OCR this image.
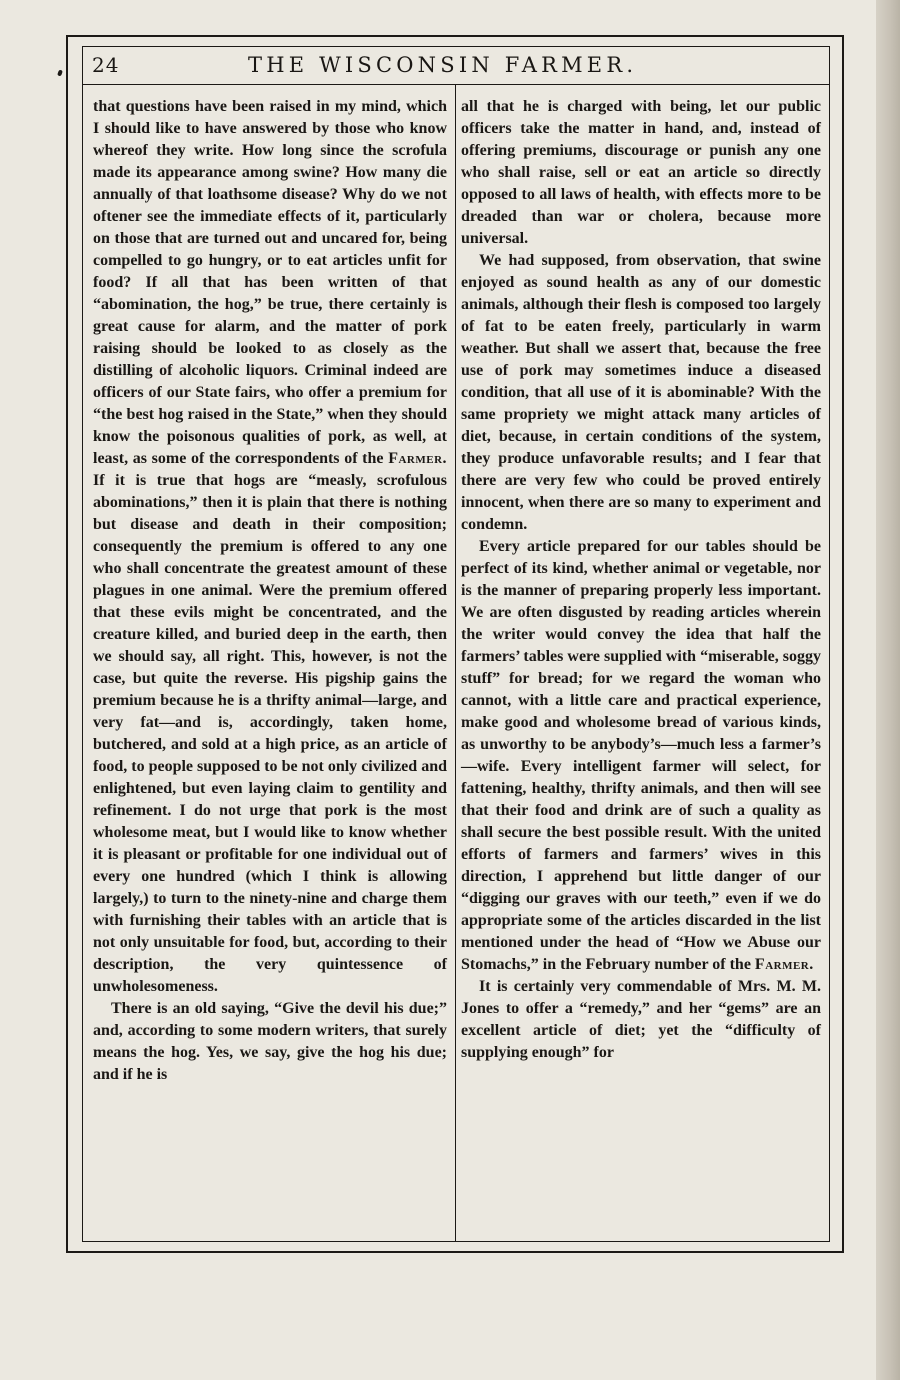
24	THE WISCONSIN FARMER.

that questions have been raised in my mind, which I should like to have answered by those who know whereof they write. How long since the scrofula made its appearance among swine? How many die annually of that loathsome disease? Why do we not oftener see the immediate effects of it, particularly on those that are turned out and uncared for, being compelled to go hungry, or to eat articles unfit for food? If all that has been written of that “abomination, the hog,” be true, there certainly is great cause for alarm, and the matter of pork raising should be looked to as closely as the distilling of alcoholic liquors. Criminal indeed are officers of our State fairs, who offer a premium for “the best hog raised in the State,” when they should know the poisonous qualities of pork, as well, at least, as some of the correspondents of the Farmer. If it is true that hogs are “measly, scrofulous abominations,” then it is plain that there is nothing but disease and death in their composition; consequently the premium is offered to any one who shall concentrate the greatest amount of these plagues in one animal. Were the premium offered that these evils might be concentrated, and the creature killed, and buried deep in the earth, then we should say, all right. This, however, is not the case, but quite the reverse. His pigship gains the premium because he is a thrifty animal—large, and very fat—and is, accordingly, taken home, butchered, and sold at a high price, as an article of food, to people supposed to be not only civilized and enlightened, but even laying claim to gentility and refinement. I do not urge that pork is the most wholesome meat, but I would like to know whether it is pleasant or profitable for one individual out of every one hundred (which I think is allowing largely,) to turn to the ninety-nine and charge them with furnishing their tables with an article that is not only unsuitable for food, but, according to their description, the very quintessence of unwholesomeness.

There is an old saying, “Give the devil his due;” and, according to some modern writers, that surely means the hog. Yes, we say, give the hog his due; and if he is

all that he is charged with being, let our public officers take the matter in hand, and, instead of offering premiums, discourage or punish any one who shall raise, sell or eat an article so directly opposed to all laws of health, with effects more to be dreaded than war or cholera, because more universal.

We had supposed, from observation, that swine enjoyed as sound health as any of our domestic animals, although their flesh is composed too largely of fat to be eaten freely, particularly in warm weather. But shall we assert that, because the free use of pork may sometimes induce a diseased condition, that all use of it is abominable? With the same propriety we might attack many articles of diet, because, in certain conditions of the system, they produce unfavorable results; and I fear that there are very few who could be proved entirely innocent, when there are so many to experiment and condemn.

Every article prepared for our tables should be perfect of its kind, whether animal or vegetable, nor is the manner of preparing properly less important. We are often disgusted by reading articles wherein the writer would convey the idea that half the farmers’ tables were supplied with “miserable, soggy stuff” for bread; for we regard the woman who cannot, with a little care and practical experience, make good and wholesome bread of various kinds, as unworthy to be anybody’s—much less a farmer’s—wife. Every intelligent farmer will select, for fattening, healthy, thrifty animals, and then will see that their food and drink are of such a quality as shall secure the best possible result. With the united efforts of farmers and farmers’ wives in this direction, I apprehend but little danger of our “digging our graves with our teeth,” even if we do appropriate some of the articles discarded in the list mentioned under the head of “How we Abuse our Stomachs,” in the February number of the Farmer.

It is certainly very commendable of Mrs. M. M. Jones to offer a “remedy,” and her “gems” are an excellent article of diet; yet the “difficulty of supplying enough” for
